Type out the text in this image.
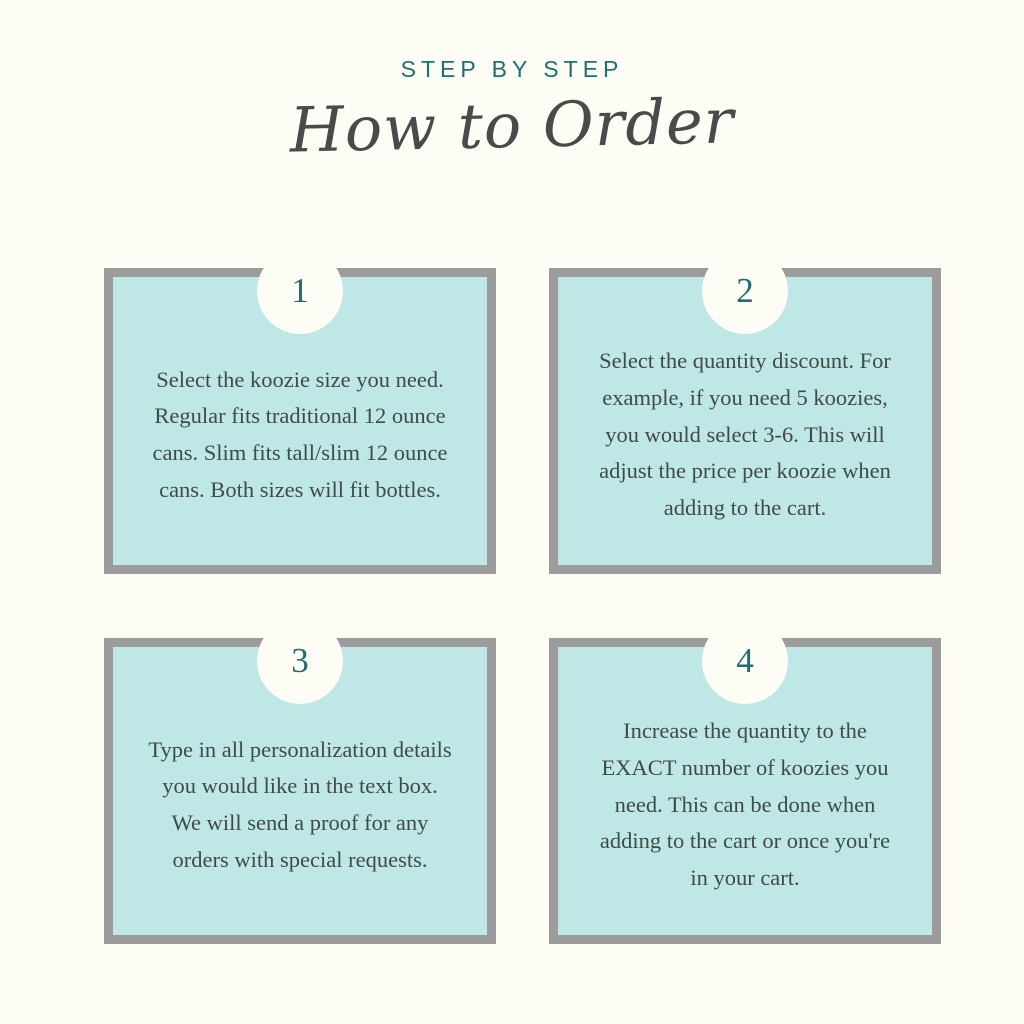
STEP BY STEP
How to Order
1
Select the koozie size you need. Regular fits traditional 12 ounce cans. Slim fits tall/slim 12 ounce cans. Both sizes will fit bottles.
2
Select the quantity discount. For example, if you need 5 koozies, you would select 3-6. This will adjust the price per koozie when adding to the cart.
3
Type in all personalization details you would like in the text box. We will send a proof for any orders with special requests.
4
Increase the quantity to the EXACT number of koozies you need. This can be done when adding to the cart or once you're in your cart.
